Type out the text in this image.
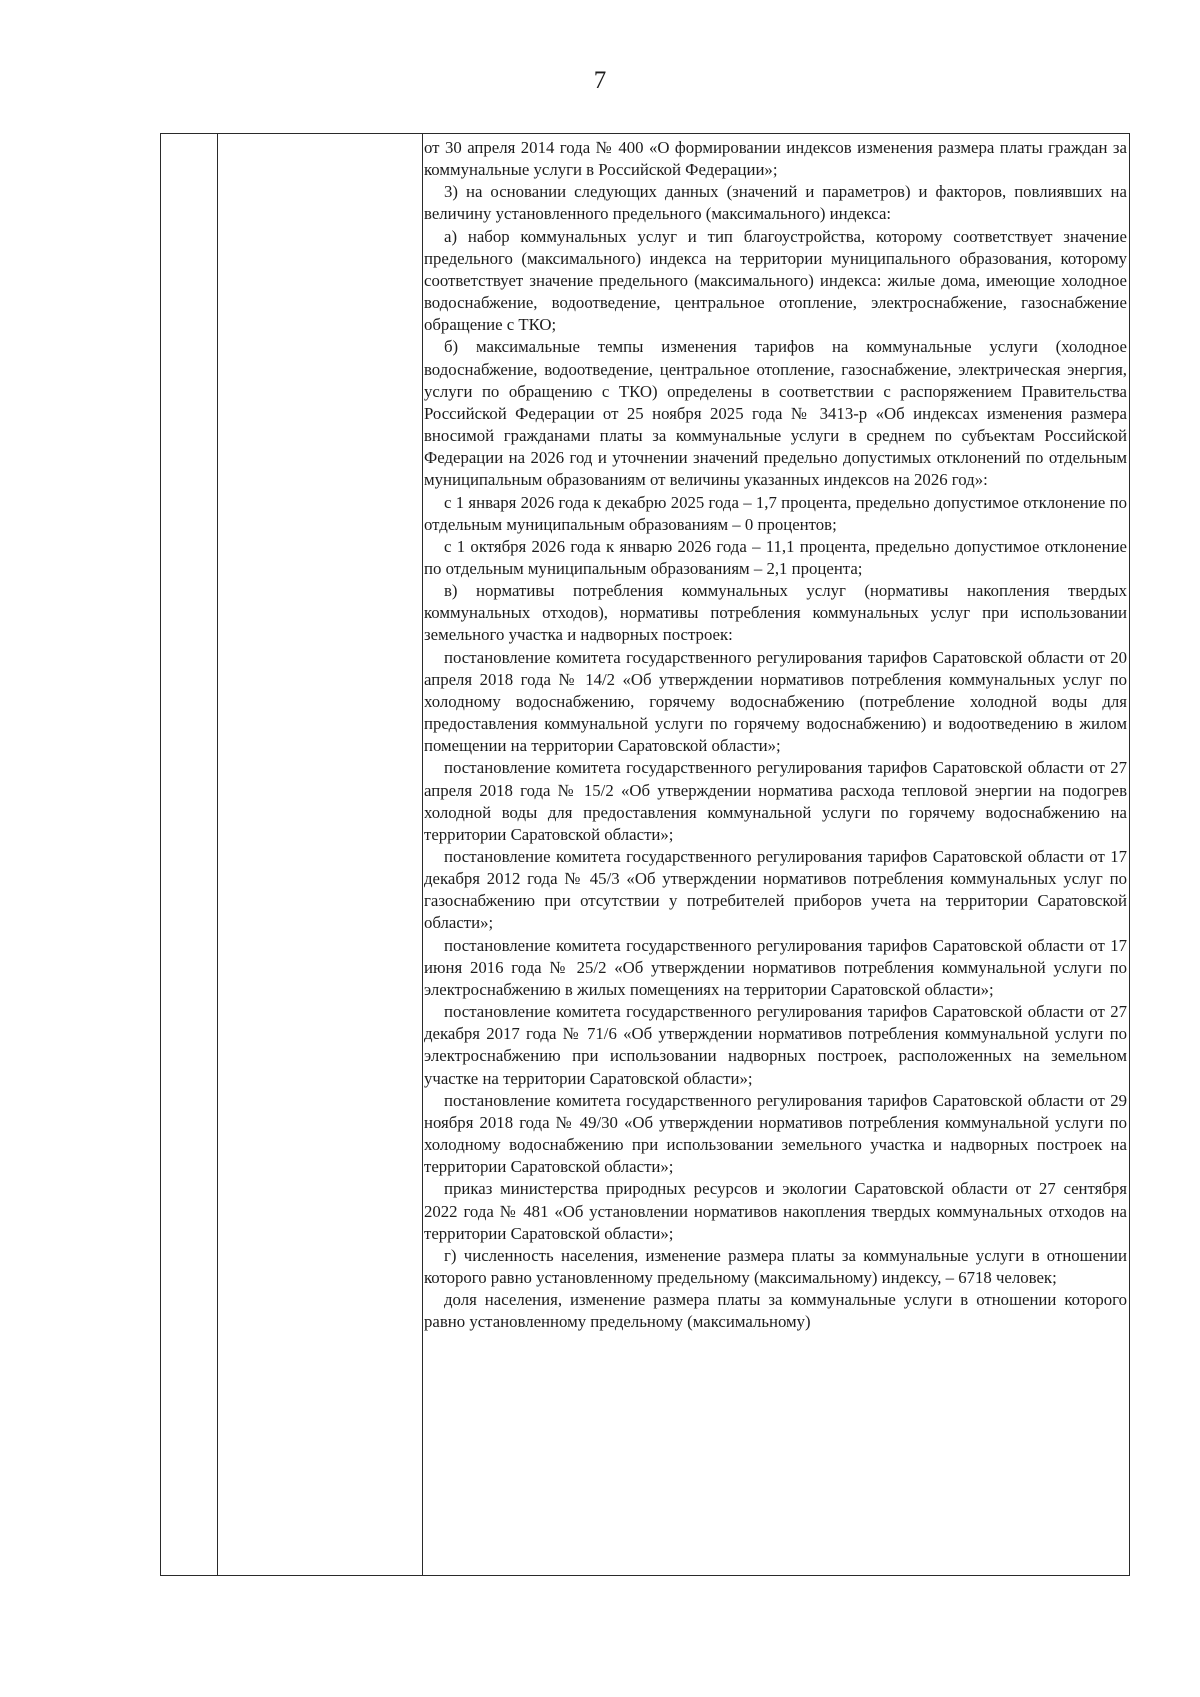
7

от 30 апреля 2014 года № 400 «О формировании индексов изменения размера платы граждан за коммунальные услуги в Российской Федерации»;

3) на основании следующих данных (значений и параметров) и факторов, повлиявших на величину установленного предельного (максимального) индекса:

а) набор коммунальных услуг и тип благоустройства, которому соответствует значение предельного (максимального) индекса на территории муниципального образования, которому соответствует значение предельного (максимального) индекса: жилые дома, имеющие холодное водоснабжение, водоотведение, центральное отопление, электроснабжение, газоснабжение обращение с ТКО;

б) максимальные темпы изменения тарифов на коммунальные услуги (холодное водоснабжение, водоотведение, центральное отопление, газоснабжение, электрическая энергия, услуги по обращению с ТКО) определены в соответствии с распоряжением Правительства Российской Федерации от 25 ноября 2025 года № 3413-р «Об индексах изменения размера вносимой гражданами платы за коммунальные услуги в среднем по субъектам Российской Федерации на 2026 год и уточнении значений предельно допустимых отклонений по отдельным муниципальным образованиям от величины указанных индексов на 2026 год»:

с 1 января 2026 года к декабрю 2025 года – 1,7 процента, предельно допустимое отклонение по отдельным муниципальным образованиям – 0 процентов;

с 1 октября 2026 года к январю 2026 года – 11,1 процента, предельно допустимое отклонение по отдельным муниципальным образованиям – 2,1 процента;

в) нормативы потребления коммунальных услуг (нормативы накопления твердых коммунальных отходов), нормативы потребления коммунальных услуг при использовании земельного участка и надворных построек:

постановление комитета государственного регулирования тарифов Саратовской области от 20 апреля 2018 года № 14/2 «Об утверждении нормативов потребления коммунальных услуг по холодному водоснабжению, горячему водоснабжению (потребление холодной воды для предоставления коммунальной услуги по горячему водоснабжению) и водоотведению в жилом помещении на территории Саратовской области»;

постановление комитета государственного регулирования тарифов Саратовской области от 27 апреля 2018 года № 15/2 «Об утверждении норматива расхода тепловой энергии на подогрев холодной воды для предоставления коммунальной услуги по горячему водоснабжению на территории Саратовской области»;

постановление комитета государственного регулирования тарифов Саратовской области от 17 декабря 2012 года № 45/3 «Об утверждении нормативов потребления коммунальных услуг по газоснабжению при отсутствии у потребителей приборов учета на территории Саратовской области»;

постановление комитета государственного регулирования тарифов Саратовской области от 17 июня 2016 года № 25/2 «Об утверждении нормативов потребления коммунальной услуги по электроснабжению в жилых помещениях на территории Саратовской области»;

постановление комитета государственного регулирования тарифов Саратовской области от 27 декабря 2017 года № 71/6 «Об утверждении нормативов потребления коммунальной услуги по электроснабжению при использовании надворных построек, расположенных на земельном участке на территории Саратовской области»;

постановление комитета государственного регулирования тарифов Саратовской области от 29 ноября 2018 года № 49/30 «Об утверждении нормативов потребления коммунальной услуги по холодному водоснабжению при использовании земельного участка и надворных построек на территории Саратовской области»;

приказ министерства природных ресурсов и экологии Саратовской области от 27 сентября 2022 года № 481 «Об установлении нормативов накопления твердых коммунальных отходов на территории Саратовской области»;

г) численность населения, изменение размера платы за коммунальные услуги в отношении которого равно установленному предельному (максимальному) индексу, – 6718 человек;

доля населения, изменение размера платы за коммунальные услуги в отношении которого равно установленному предельному (максимальному)
